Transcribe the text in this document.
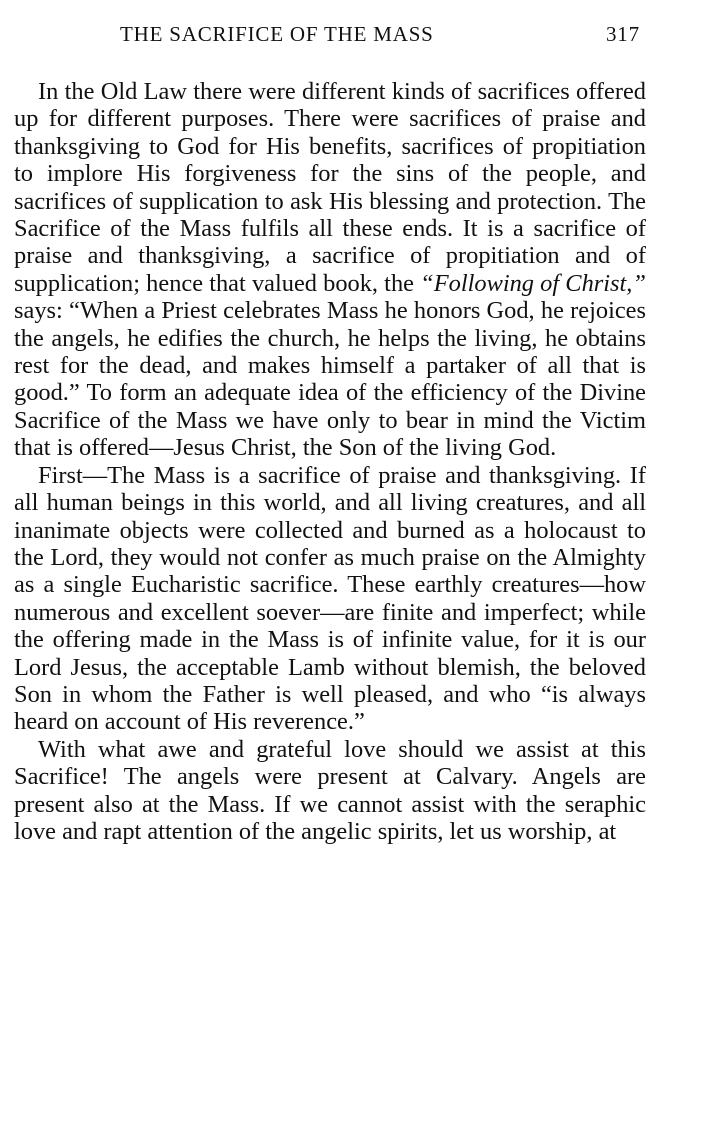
THE SACRIFICE OF THE MASS	317

In the Old Law there were different kinds of sacrifices offered up for different purposes. There were sacrifices of praise and thanksgiving to God for His benefits, sacrifices of propitiation to implore His forgiveness for the sins of the people, and sacrifices of supplication to ask His blessing and protection. The Sacrifice of the Mass fulfils all these ends. It is a sacrifice of praise and thanksgiving, a sacrifice of propitiation and of supplication; hence that valued book, the “Following of Christ,” says: “When a Priest celebrates Mass he honors God, he rejoices the angels, he edifies the church, he helps the living, he obtains rest for the dead, and makes himself a partaker of all that is good.” To form an adequate idea of the efficiency of the Divine Sacrifice of the Mass we have only to bear in mind the Victim that is offered—Jesus Christ, the Son of the living God.

First—The Mass is a sacrifice of praise and thanksgiving. If all human beings in this world, and all living creatures, and all inanimate objects were collected and burned as a holocaust to the Lord, they would not confer as much praise on the Almighty as a single Eucharistic sacrifice. These earthly creatures—how numerous and excellent soever—are finite and imperfect; while the offering made in the Mass is of infinite value, for it is our Lord Jesus, the acceptable Lamb without blemish, the beloved Son in whom the Father is well pleased, and who “is always heard on account of His reverence.”

With what awe and grateful love should we assist at this Sacrifice! The angels were present at Calvary. Angels are present also at the Mass. If we cannot assist with the seraphic love and rapt attention of the angelic spirits, let us worship, at
